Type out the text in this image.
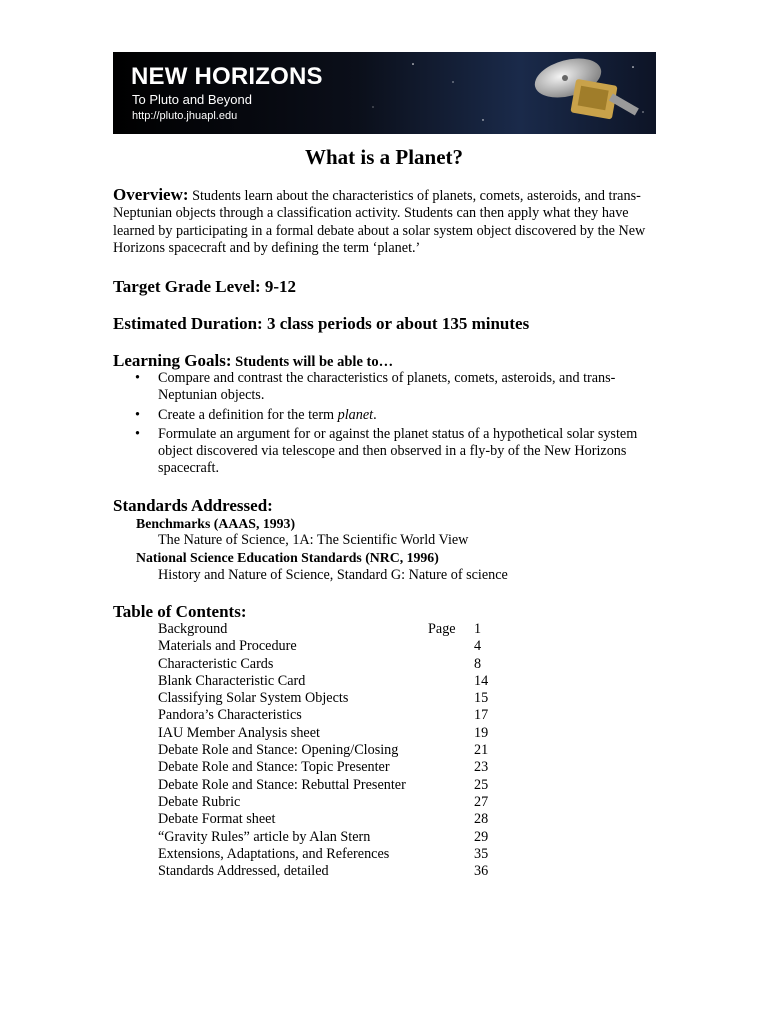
NEW HORIZONS
To Pluto and Beyond
http://pluto.jhuapl.edu
What is a Planet?
Overview: Students learn about the characteristics of planets, comets, asteroids, and trans-Neptunian objects through a classification activity. Students can then apply what they have learned by participating in a formal debate about a solar system object discovered by the New Horizons spacecraft and by defining the term ‘planet.’
Target Grade Level: 9-12
Estimated Duration: 3 class periods or about 135 minutes
Learning Goals: Students will be able to…
• Compare and contrast the characteristics of planets, comets, asteroids, and trans-Neptunian objects.
• Create a definition for the term planet.
• Formulate an argument for or against the planet status of a hypothetical solar system object discovered via telescope and then observed in a fly-by of the New Horizons spacecraft.
Standards Addressed:
Benchmarks (AAAS, 1993)
The Nature of Science, 1A: The Scientific World View
National Science Education Standards (NRC, 1996)
History and Nature of Science, Standard G: Nature of science
Table of Contents:
Background	Page 1
Materials and Procedure	4
Characteristic Cards	8
Blank Characteristic Card	14
Classifying Solar System Objects	15
Pandora’s Characteristics	17
IAU Member Analysis sheet	19
Debate Role and Stance: Opening/Closing	21
Debate Role and Stance: Topic Presenter	23
Debate Role and Stance: Rebuttal Presenter	25
Debate Rubric	27
Debate Format sheet	28
“Gravity Rules” article by Alan Stern	29
Extensions, Adaptations, and References	35
Standards Addressed, detailed	36
